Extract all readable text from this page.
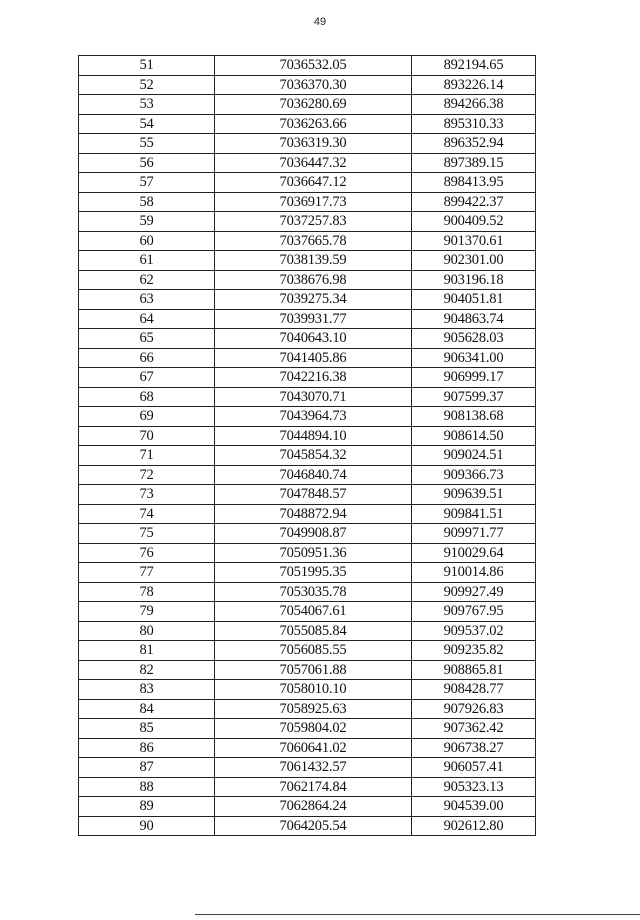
49
51	7036532.05	892194.65
52	7036370.30	893226.14
53	7036280.69	894266.38
54	7036263.66	895310.33
55	7036319.30	896352.94
56	7036447.32	897389.15
57	7036647.12	898413.95
58	7036917.73	899422.37
59	7037257.83	900409.52
60	7037665.78	901370.61
61	7038139.59	902301.00
62	7038676.98	903196.18
63	7039275.34	904051.81
64	7039931.77	904863.74
65	7040643.10	905628.03
66	7041405.86	906341.00
67	7042216.38	906999.17
68	7043070.71	907599.37
69	7043964.73	908138.68
70	7044894.10	908614.50
71	7045854.32	909024.51
72	7046840.74	909366.73
73	7047848.57	909639.51
74	7048872.94	909841.51
75	7049908.87	909971.77
76	7050951.36	910029.64
77	7051995.35	910014.86
78	7053035.78	909927.49
79	7054067.61	909767.95
80	7055085.84	909537.02
81	7056085.55	909235.82
82	7057061.88	908865.81
83	7058010.10	908428.77
84	7058925.63	907926.83
85	7059804.02	907362.42
86	7060641.02	906738.27
87	7061432.57	906057.41
88	7062174.84	905323.13
89	7062864.24	904539.00
90	7064205.54	902612.80
